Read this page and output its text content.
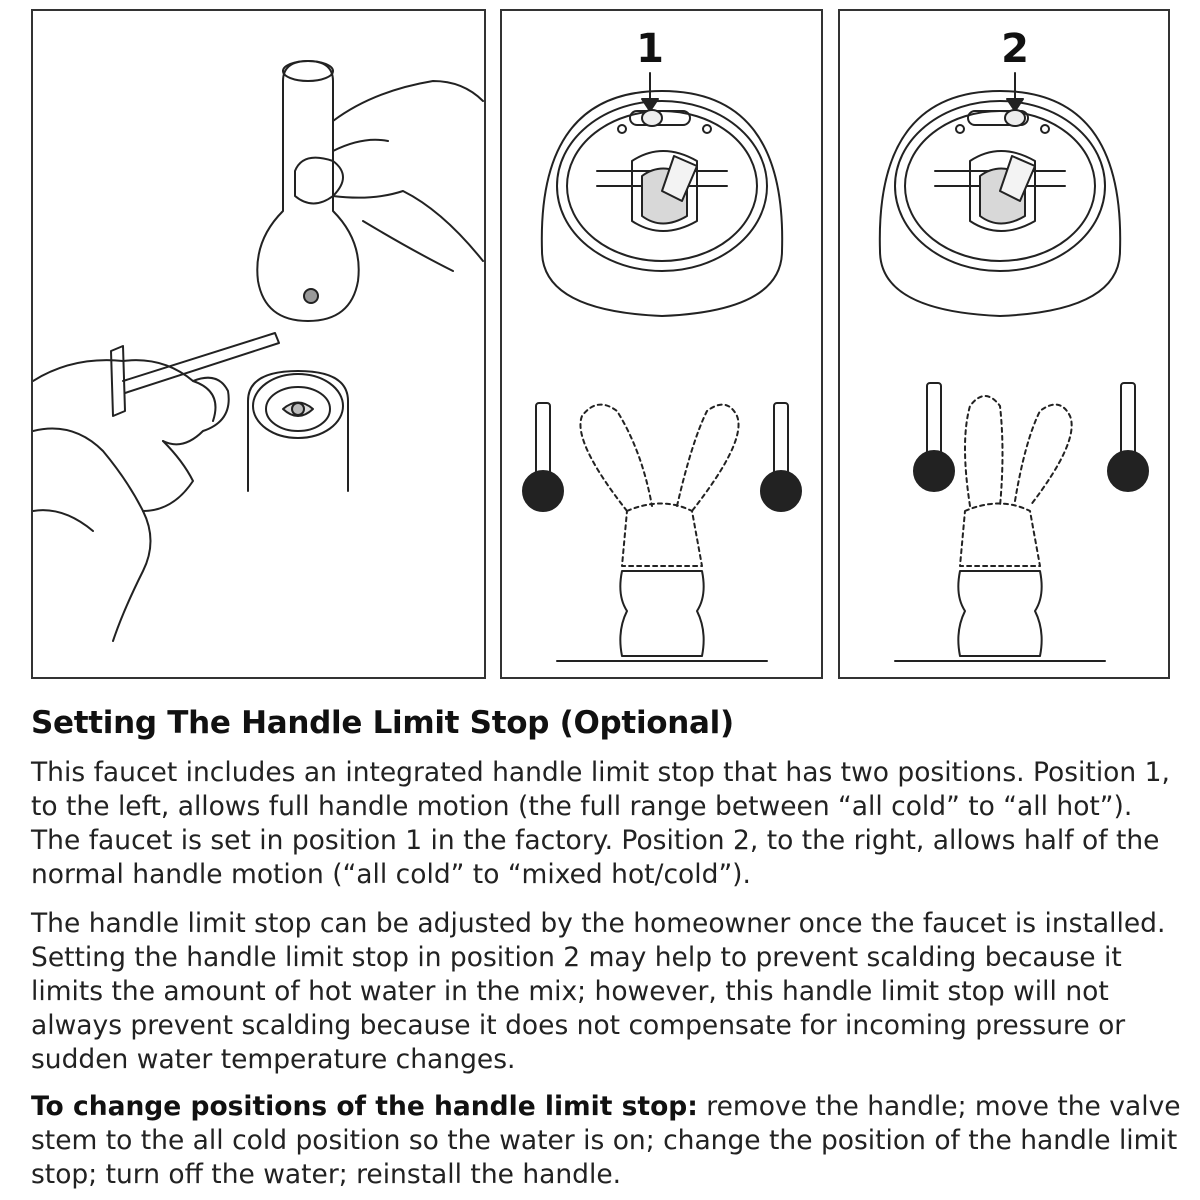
1	2
Setting The Handle Limit Stop (Optional)

This faucet includes an integrated handle limit stop that has two positions. Position 1, to the left, allows full handle motion (the full range between “all cold” to “all hot”). The faucet is set in position 1 in the factory. Position 2, to the right, allows half of the normal handle motion (“all cold” to “mixed hot/cold”).

The handle limit stop can be adjusted by the homeowner once the faucet is installed. Setting the handle limit stop in position 2 may help to prevent scalding because it limits the amount of hot water in the mix; however, this handle limit stop will not always prevent scalding because it does not compensate for incoming pressure or sudden water temperature changes.

To change positions of the handle limit stop: remove the handle; move the valve stem to the all cold position so the water is on; change the position of the handle limit stop; turn off the water; reinstall the handle.
